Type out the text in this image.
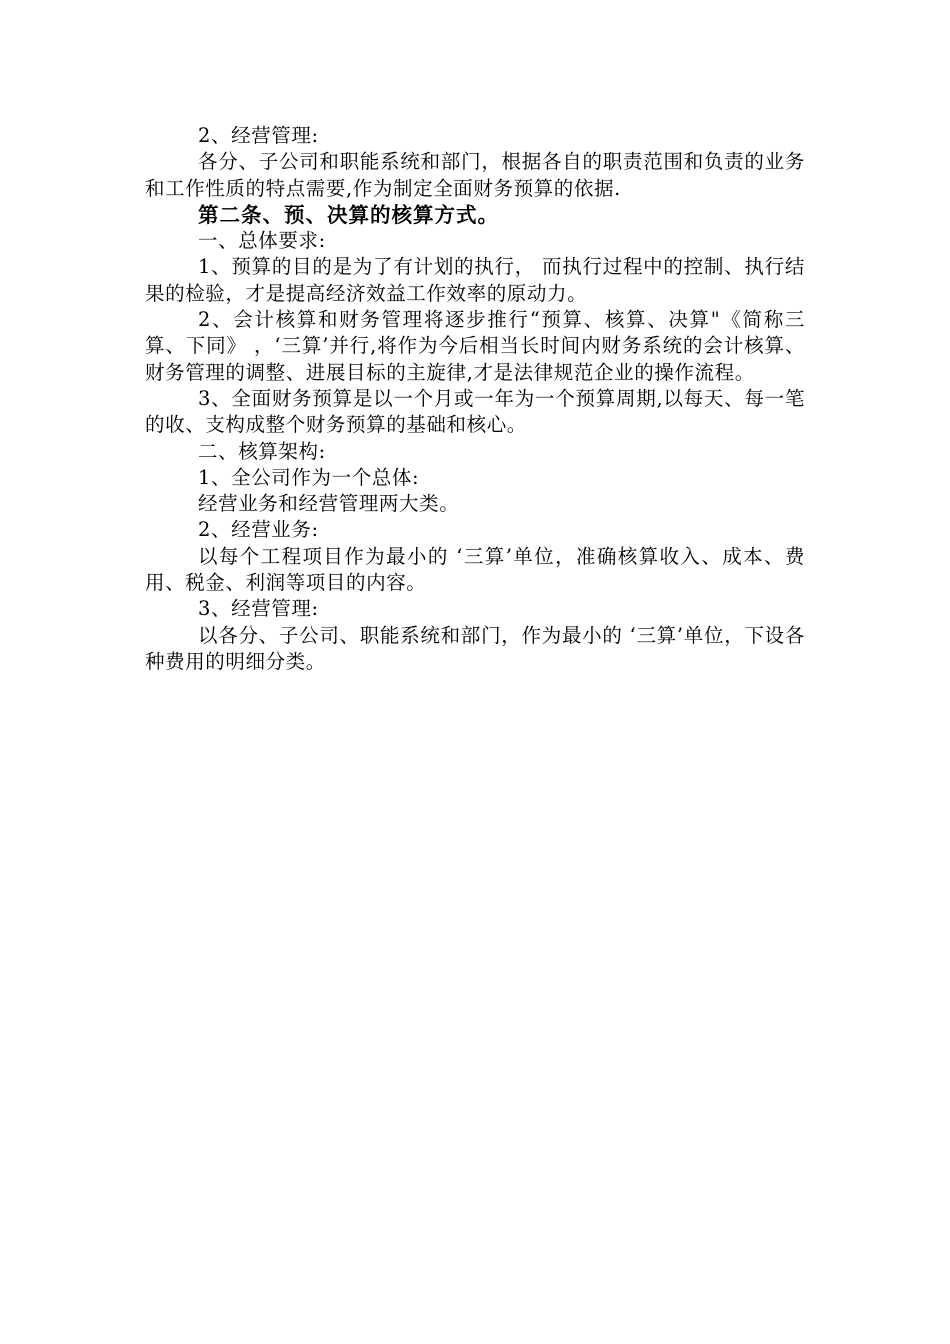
2、经营管理:

各分、子公司和职能系统和部门，根据各自的职责范围和负责的业务和工作性质的特点需要,作为制定全面财务预算的依据.

第二条、预、决算的核算方式。

一、总体要求:

1、预算的目的是为了有计划的执行， 而执行过程中的控制、执行结果的检验，才是提高经济效益工作效率的原动力。

2、会计核算和财务管理将逐步推行“预算、核算、决算"《简称三算、下同》 ，‘三算’并行,将作为今后相当长时间内财务系统的会计核算、财务管理的调整、进展目标的主旋律,才是法律规范企业的操作流程。

3、全面财务预算是以一个月或一年为一个预算周期,以每天、每一笔的收、支构成整个财务预算的基础和核心。

二、核算架构:

1、全公司作为一个总体:

经营业务和经营管理两大类。

2、经营业务:

以每个工程项目作为最小的 ‘三算’单位，准确核算收入、成本、费用、税金、利润等项目的内容。

3、经营管理:

以各分、子公司、职能系统和部门，作为最小的 ‘三算’单位，下设各种费用的明细分类。
